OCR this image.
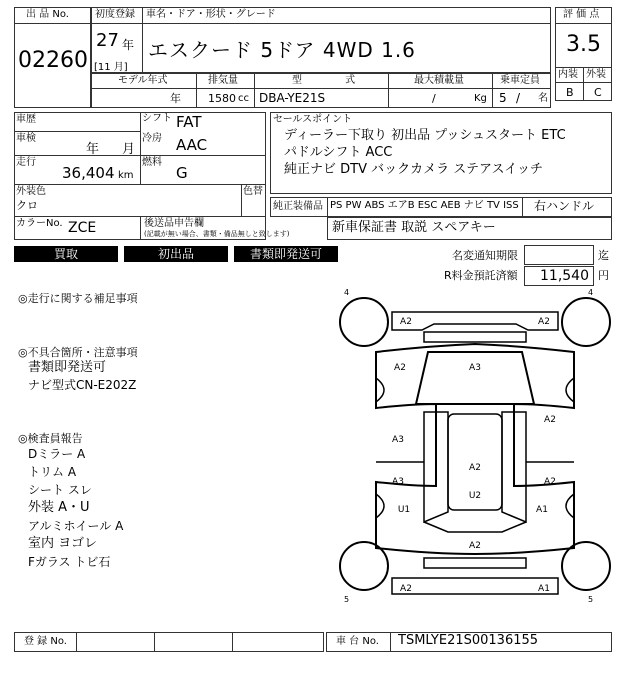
出 品 No.
02260
初度登録 車名・ドア・形状・グレード
27 年
[11 月]
エスクード 5ドア 4WD 1.6
評 価 点
3.5
内装 外装
B C
モデル年式	排気量	型 式	最大積載量	乗車定員
年 1580 cc DBA-YE21S	/	Kg 5 / 名
車歴
車検
年 月
走行
36,404 km
シフト FAT
冷房 AAC
燃料
G
外装色
クロ
色替
カラーNo. ZCE	後送品申告欄
(記載が無い場合、書類・備品無しと致します)
セールスポイント
ディーラー下取り 初出品 プッシュスタート ETC
パドルシフト ACC
純正ナビ DTV バックカメラ ステアスイッチ
純正装備品 PS PW ABS エアB ESC AEB ナビ TV ISS 右ハンドル
新車保証書 取説 スペアキー
買取	初出品	書類即発送可	名変通知期限	迄
R料金預託済額 11,540 円
◎走行に関する補足事項
◎不具合箇所・注意事項
書類即発送可
ナビ型式CN-E202Z
◎検査員報告
Dミラー A
トリム A
シート スレ
外装 A・U
アルミホイール A
室内 ヨゴレ
Fガラス トビ石
4	4
5	5
A2	A2
A3
A2
A2
A3
A2
A3	A2
U2
U1	A1
A2
A2	A1
登 録 No.	車 台 No. TSMLYE21S00136155
